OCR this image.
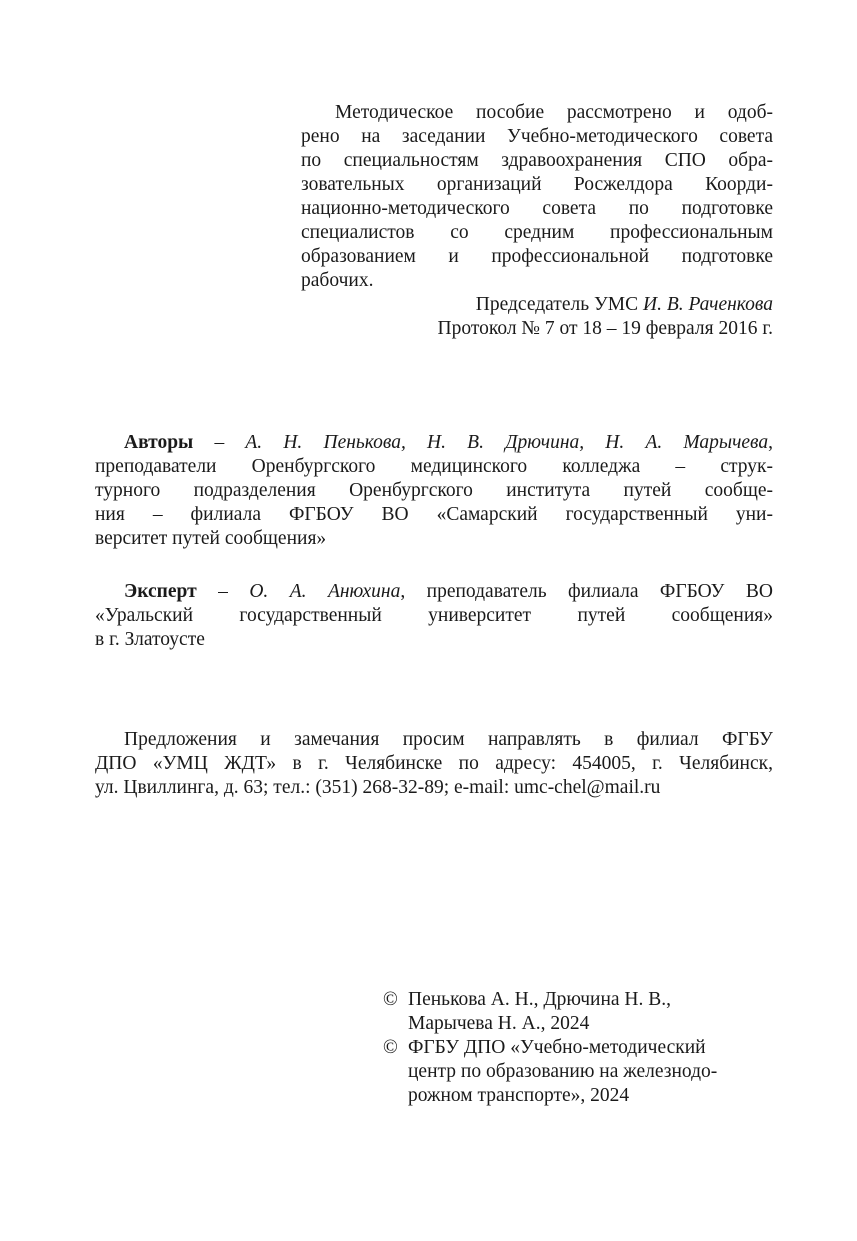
Методическое пособие рассмотрено и одоб-
рено на заседании Учебно-методического совета
по специальностям здравоохранения СПО обра-
зовательных организаций Росжелдора Коорди-
национно-методического совета по подготовке
специалистов со средним профессиональным
образованием и профессиональной подготовке
рабочих.
Председатель УМС И. В. Раченкова
Протокол № 7 от 18 – 19 февраля 2016 г.
Авторы – А. Н. Пенькова, Н. В. Дрючина, Н. А. Марычева,
преподаватели Оренбургского медицинского колледжа – струк-
турного подразделения Оренбургского института путей сообще-
ния – филиала ФГБОУ ВО «Самарский государственный уни-
верситет путей сообщения»
Эксперт – О. А. Анюхина, преподаватель филиала ФГБОУ ВО
«Уральский государственный университет путей сообщения»
в г. Златоусте
Предложения и замечания просим направлять в филиал ФГБУ
ДПО «УМЦ ЖДТ» в г. Челябинске по адресу: 454005, г. Челябинск,
ул. Цвиллинга, д. 63; тел.: (351) 268-32-89; e-mail: umc-chel@mail.ru
© Пенькова А. Н., Дрючина Н. В.,
Марычева Н. А., 2024
© ФГБУ ДПО «Учебно-методический
центр по образованию на железнодо-
рожном транспорте», 2024
